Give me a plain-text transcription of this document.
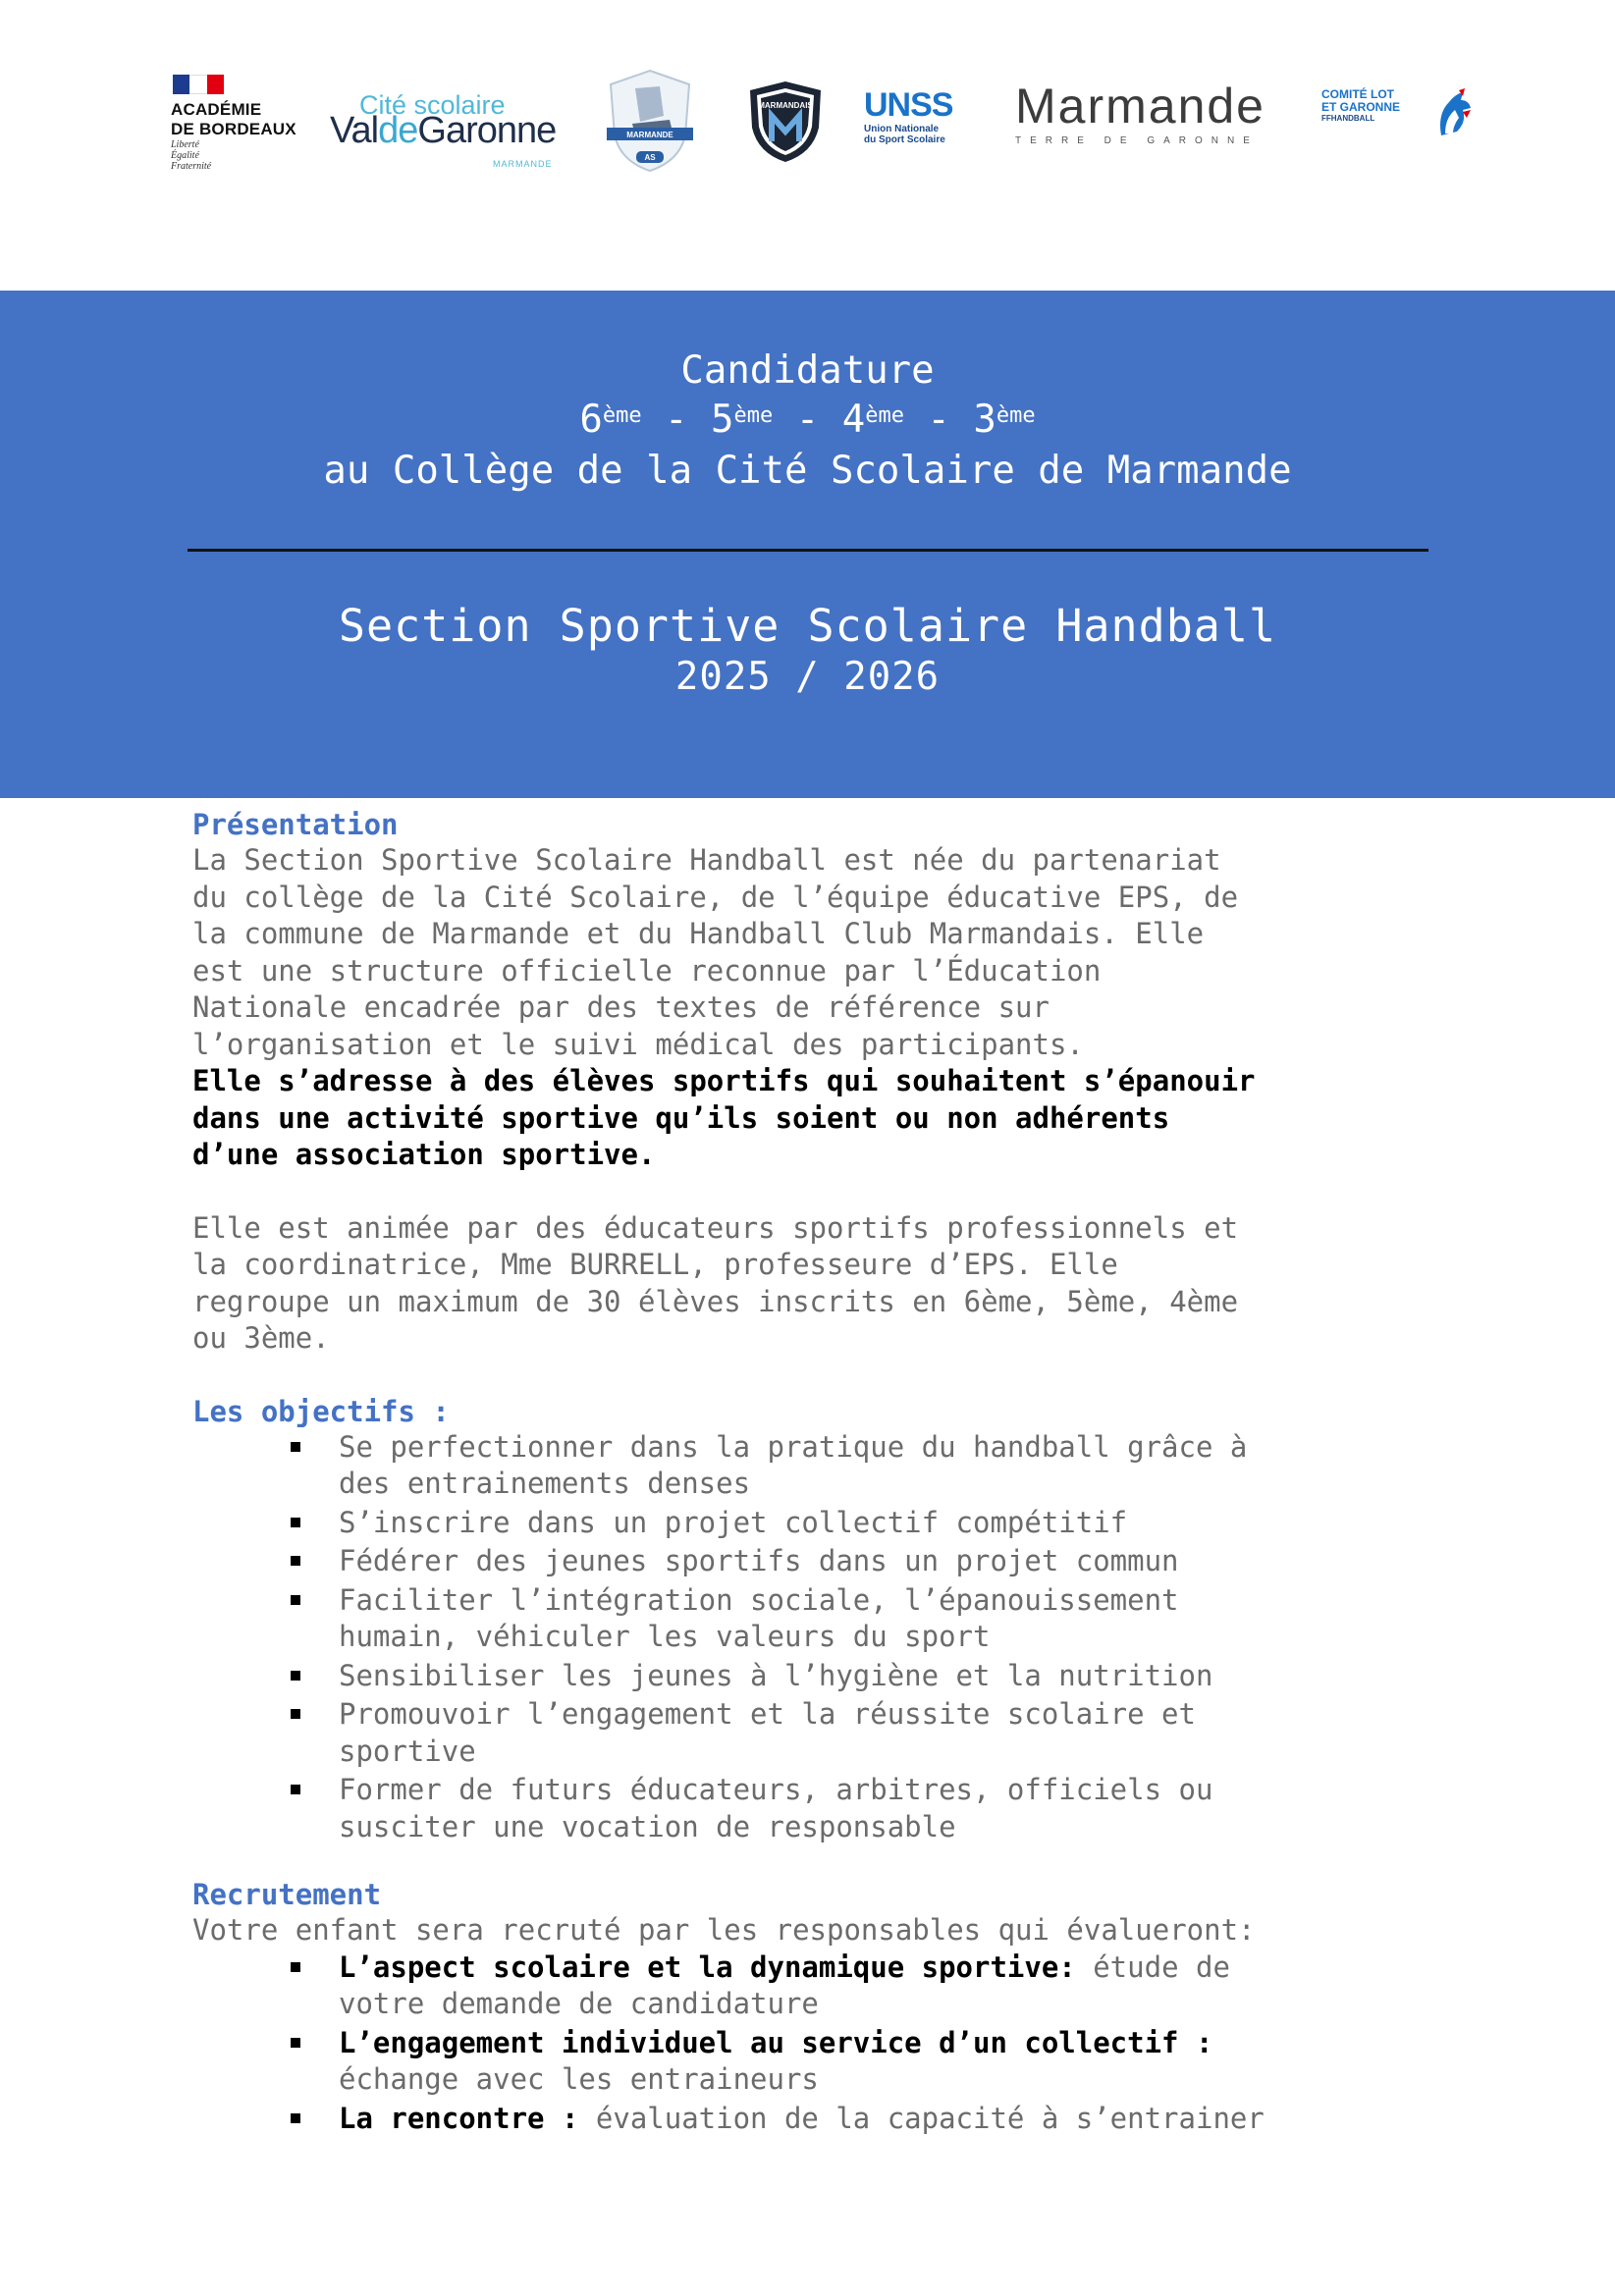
ACADÉMIE
DE BORDEAUX
Liberté
Égalité
Fraternité
Cité scolaire
ValdeGaronne
MARMANDE
MARMANDE
AS
MARMANDAIS UNSS
Union Nationale
du Sport Scolaire
Marmande
TERRE DE GARONNE
COMITÉ LOT
ET GARONNE
FFHANDBALL
Candidature
6ème - 5ème - 4ème - 3ème
au Collège de la Cité Scolaire de Marmande
Section Sportive Scolaire Handball
2025 / 2026
Présentation
La Section Sportive Scolaire Handball est née du partenariat
du collège de la Cité Scolaire, de l’équipe éducative EPS, de
la commune de Marmande et du Handball Club Marmandais. Elle
est une structure officielle reconnue par l’Éducation
Nationale encadrée par des textes de référence sur
l’organisation et le suivi médical des participants.
Elle s’adresse à des élèves sportifs qui souhaitent s’épanouir
dans une activité sportive qu’ils soient ou non adhérents
d’une association sportive.
Elle est animée par des éducateurs sportifs professionnels et
la coordinatrice, Mme BURRELL, professeure d’EPS. Elle
regroupe un maximum de 30 élèves inscrits en 6ème, 5ème, 4ème
ou 3ème.
Les objectifs :
Se perfectionner dans la pratique du handball grâce à
des entrainements denses
S’inscrire dans un projet collectif compétitif
Fédérer des jeunes sportifs dans un projet commun
Faciliter l’intégration sociale, l’épanouissement
humain, véhiculer les valeurs du sport
Sensibiliser les jeunes à l’hygiène et la nutrition
Promouvoir l’engagement et la réussite scolaire et
sportive
Former de futurs éducateurs, arbitres, officiels ou
susciter une vocation de responsable
Recrutement
Votre enfant sera recruté par les responsables qui évalueront:
L’aspect scolaire et la dynamique sportive: étude de
votre demande de candidature
L’engagement individuel au service d’un collectif :
échange avec les entraineurs
La rencontre : évaluation de la capacité à s’entrainer
